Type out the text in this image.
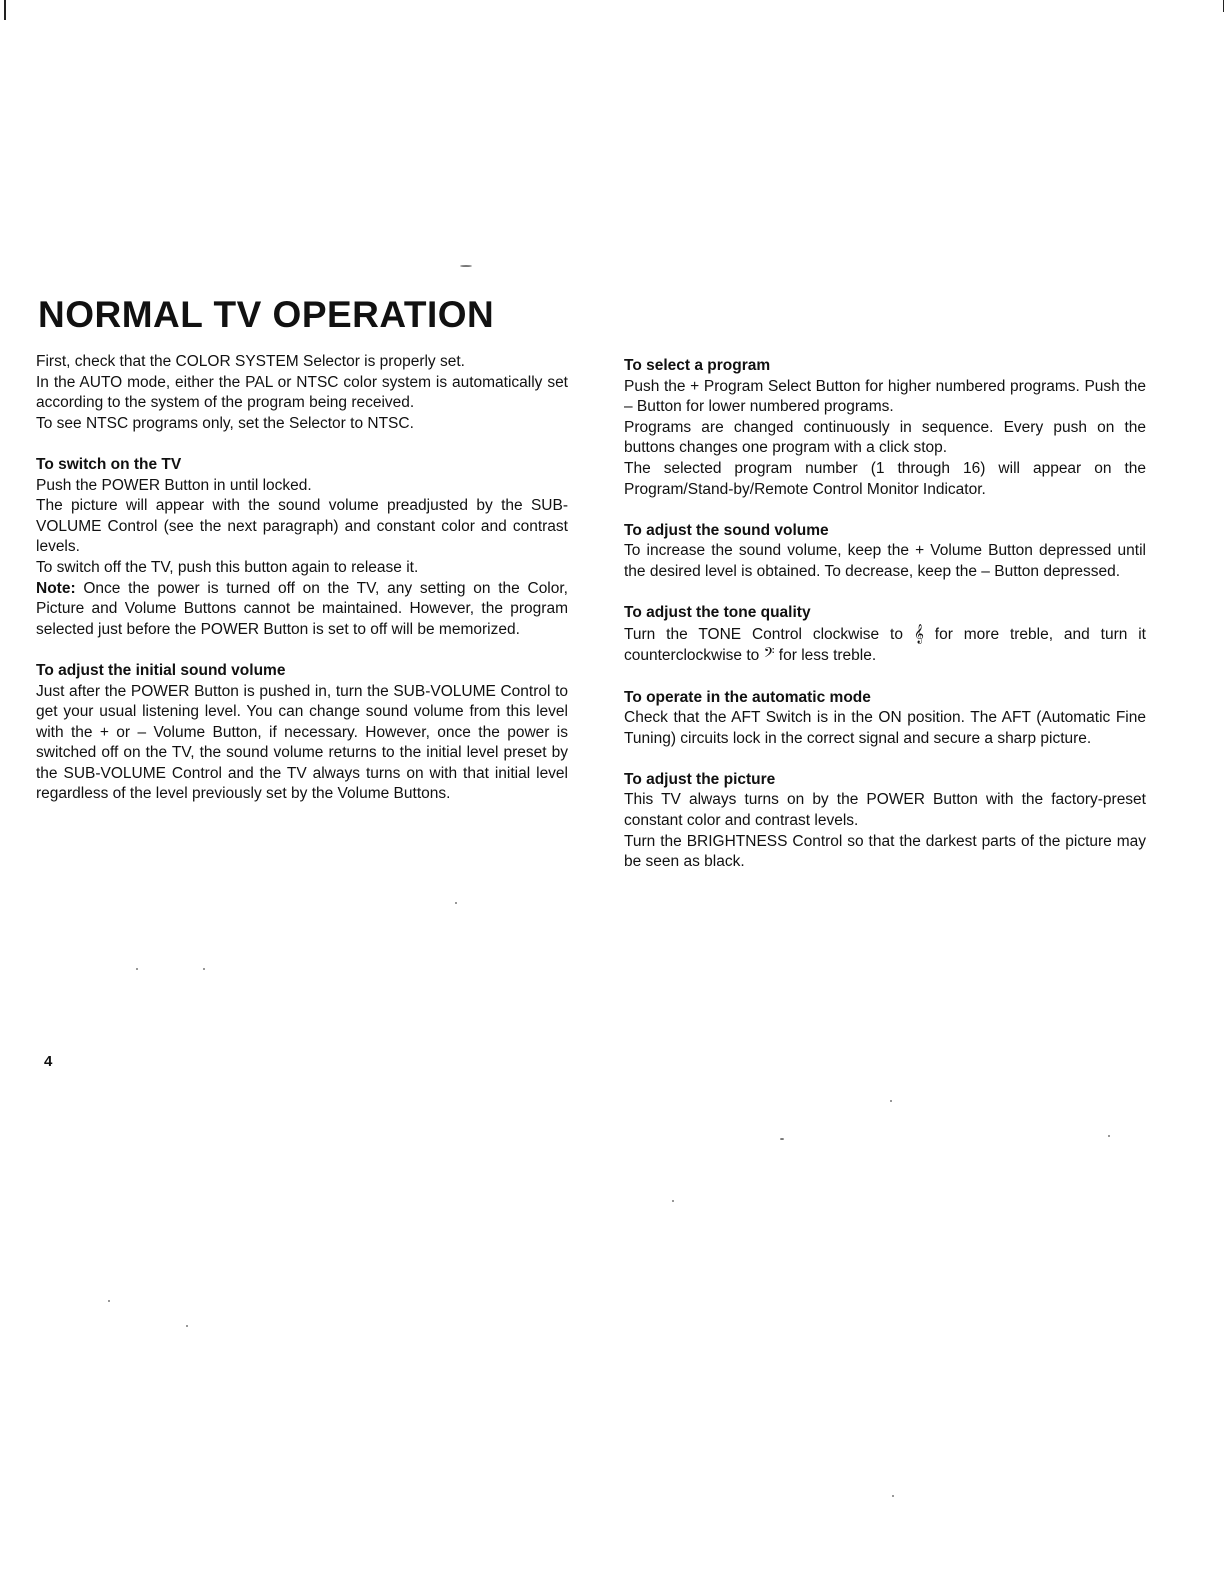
NORMAL TV OPERATION

First, check that the COLOR SYSTEM Selector is properly set.

In the AUTO mode, either the PAL or NTSC color system is automatically set according to the system of the program being received.

To see NTSC programs only, set the Selector to NTSC.

To switch on the TV

Push the POWER Button in until locked.

The picture will appear with the sound volume preadjusted by the SUB-VOLUME Control (see the next paragraph) and constant color and contrast levels.

To switch off the TV, push this button again to release it.

Note: Once the power is turned off on the TV, any setting on the Color, Picture and Volume Buttons cannot be maintained. However, the program selected just before the POWER Button is set to off will be memorized.

To adjust the initial sound volume

Just after the POWER Button is pushed in, turn the SUB-VOLUME Control to get your usual listening level. You can change sound volume from this level with the + or – Volume Button, if necessary. However, once the power is switched off on the TV, the sound volume returns to the initial level preset by the SUB-VOLUME Control and the TV always turns on with that initial level regardless of the level previously set by the Volume Buttons.

To select a program

Push the + Program Select Button for higher numbered programs. Push the – Button for lower numbered programs.

Programs are changed continuously in sequence. Every push on the buttons changes one program with a click stop.

The selected program number (1 through 16) will appear on the Program/Stand-by/Remote Control Monitor Indicator.

To adjust the sound volume

To increase the sound volume, keep the + Volume Button depressed until the desired level is obtained. To decrease, keep the – Button depressed.

To adjust the tone quality

Turn the TONE Control clockwise to 𝄞 for more treble, and turn it counterclockwise to 𝄢 for less treble.

To operate in the automatic mode

Check that the AFT Switch is in the ON position. The AFT (Automatic Fine Tuning) circuits lock in the correct signal and secure a sharp picture.

To adjust the picture

This TV always turns on by the POWER Button with the factory-preset constant color and contrast levels.

Turn the BRIGHTNESS Control so that the darkest parts of the picture may be seen as black.

4
